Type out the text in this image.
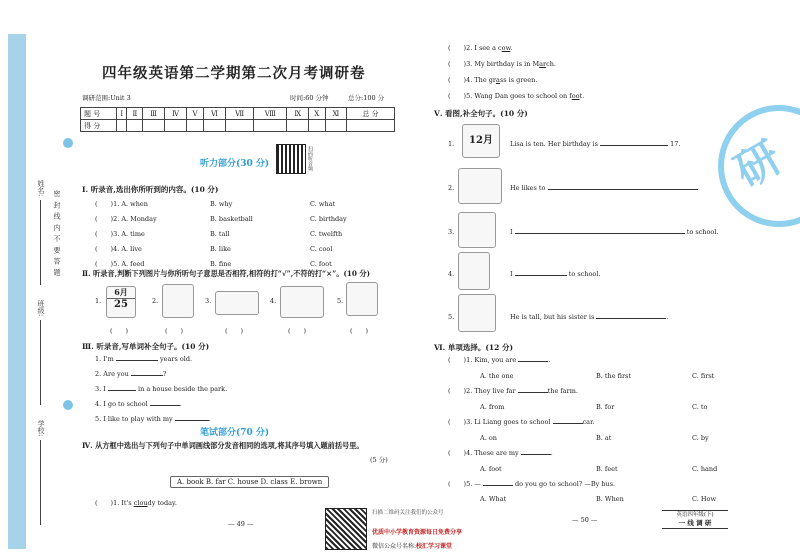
姓名:
班级:
学校:
密 封 线 内 不 要 答 题
四年级英语第二学期第二次月考调研卷
调研范围:Unit 3	时间:60 分钟	总分:100 分
题 号	Ⅰ	Ⅱ	Ⅲ	Ⅳ	Ⅴ	Ⅵ	Ⅶ	Ⅷ	Ⅸ	Ⅹ	Ⅺ	总 分
得 分												
听力部分(30 分)	扫码听音频
Ⅰ. 听录音,选出你所听到的内容。(10 分)
(　　)1. A. when	B. why	C. what
(　　)2. A. Monday	B. basketball	C. birthday
(　　)3. A. time	B. tall	C. twelfth
(　　)4. A. live	B. like	C. cool
(　　)5. A. feed	B. fine	C. foot
Ⅱ. 听录音,判断下列图片与你所听句子意思是否相符,相符的打“√”,不符的打“×”。(10 分)
1.
6月
25	2.	3.	4.	5.
(　　)	(　　)	(　　)	(　　)	(　　)
Ⅲ. 听录音,写单词补全句子。(10 分)
1. I'm	years old.
2. Are you	?
3. I	in a house beside the park.
4. I go to school	.
5. I like to play with my	.
笔试部分(70 分)
Ⅳ. 从方框中选出与下列句子中单词画线部分发音相同的选项,将其序号填入题前括号里。
(5 分)
A. book B. far C. house D. class E. brown
(　　)1. It's cloudy today.
— 49 —
扫描二维码关注我们的公众号
优质中小学教育资源每日免费分享
微信公众号名称:校汇学习课堂
(　　)2. I see a cow.
(　　)3. My birthday is in March.
(　　)4. The grass is green.
(　　)5. Wang Dan goes to school on foot.
Ⅴ. 看图,补全句子。(10 分)
1.	12月	Lisa is ten. Her birthday is	17.
2.	He likes to
3.	I	to school.
4.	I	to school.
5.	He is tall, but his sister is	.
Ⅵ. 单项选择。(12 分)
(　　)1. Kim, you are	.
A. the one	B. the first	C. first
(　　)2. They live far	the farm.
A. from	B. for	C. to
(　　)3. Li Liang goes to school	car.
A. on	B. at	C. by
(　　)4. These are my	.
A. foot	B. feet	C. hand
(　　)5. —	do you go to school? —By bus.
A. What	B. When	C. How
— 50 —
英语四年级(下)
一 线 调 研
研
